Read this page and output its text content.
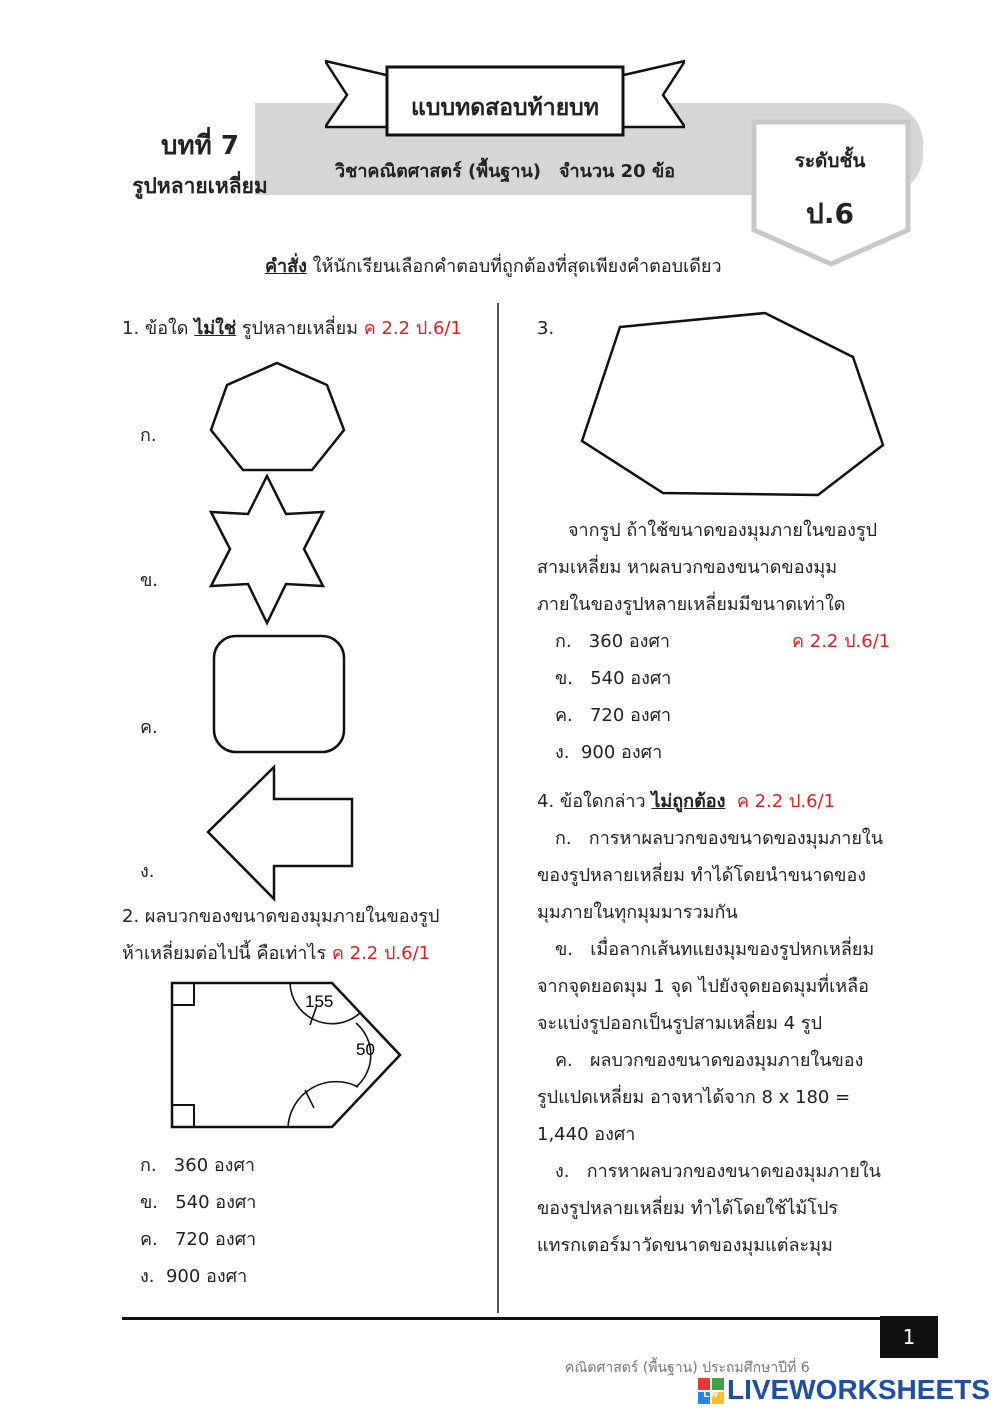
บทที่ 7
รูปหลายเหลี่ยม
แบบทดสอบท้ายบท
วิชาคณิตศาสตร์ (พื้นฐาน) จำนวน 20 ข้อ	ระดับชั้น
ป.6
คำสั่ง ให้นักเรียนเลือกคำตอบที่ถูกต้องที่สุดเพียงคำตอบเดียว
1. ข้อใด ไม่ใช่ รูปหลายเหลี่ยม ค 2.2 ป.6/1
ก.
ข.
ค.
ง.
2. ผลบวกของขนาดของมุมภายในของรูป
ห้าเหลี่ยมต่อไปนี้ คือเท่าไร ค 2.2 ป.6/1
155
50
ก. 360 องศา
ข. 540 องศา
ค. 720 องศา
ง. 900 องศา
3.
จากรูป ถ้าใช้ขนาดของมุมภายในของรูป
สามเหลี่ยม หาผลบวกของขนาดของมุม
ภายในของรูปหลายเหลี่ยมมีขนาดเท่าใด
ก. 360 องศา	ค 2.2 ป.6/1
ข. 540 องศา
ค. 720 องศา
ง. 900 องศา
4. ข้อใดกล่าว ไม่ถูกต้อง ค 2.2 ป.6/1
ก. การหาผลบวกของขนาดของมุมภายใน
ของรูปหลายเหลี่ยม ทำได้โดยนำขนาดของ
มุมภายในทุกมุมมารวมกัน
ข. เมื่อลากเส้นทแยงมุมของรูปหกเหลี่ยม
จากจุดยอดมุม 1 จุด ไปยังจุดยอดมุมที่เหลือ
จะแบ่งรูปออกเป็นรูปสามเหลี่ยม 4 รูป
ค. ผลบวกของขนาดของมุมภายในของ
รูปแปดเหลี่ยม อาจหาได้จาก 8 x 180 =
1,440 องศา
ง. การหาผลบวกของขนาดของมุมภายใน
ของรูปหลายเหลี่ยม ทำได้โดยใช้ไม้โปร
แทรกเตอร์มาวัดขนาดของมุมแต่ละมุม
1
คณิตศาสตร์ (พื้นฐาน) ประถมศึกษาปีที่ 6
LW LIVEWORKSHEETS
